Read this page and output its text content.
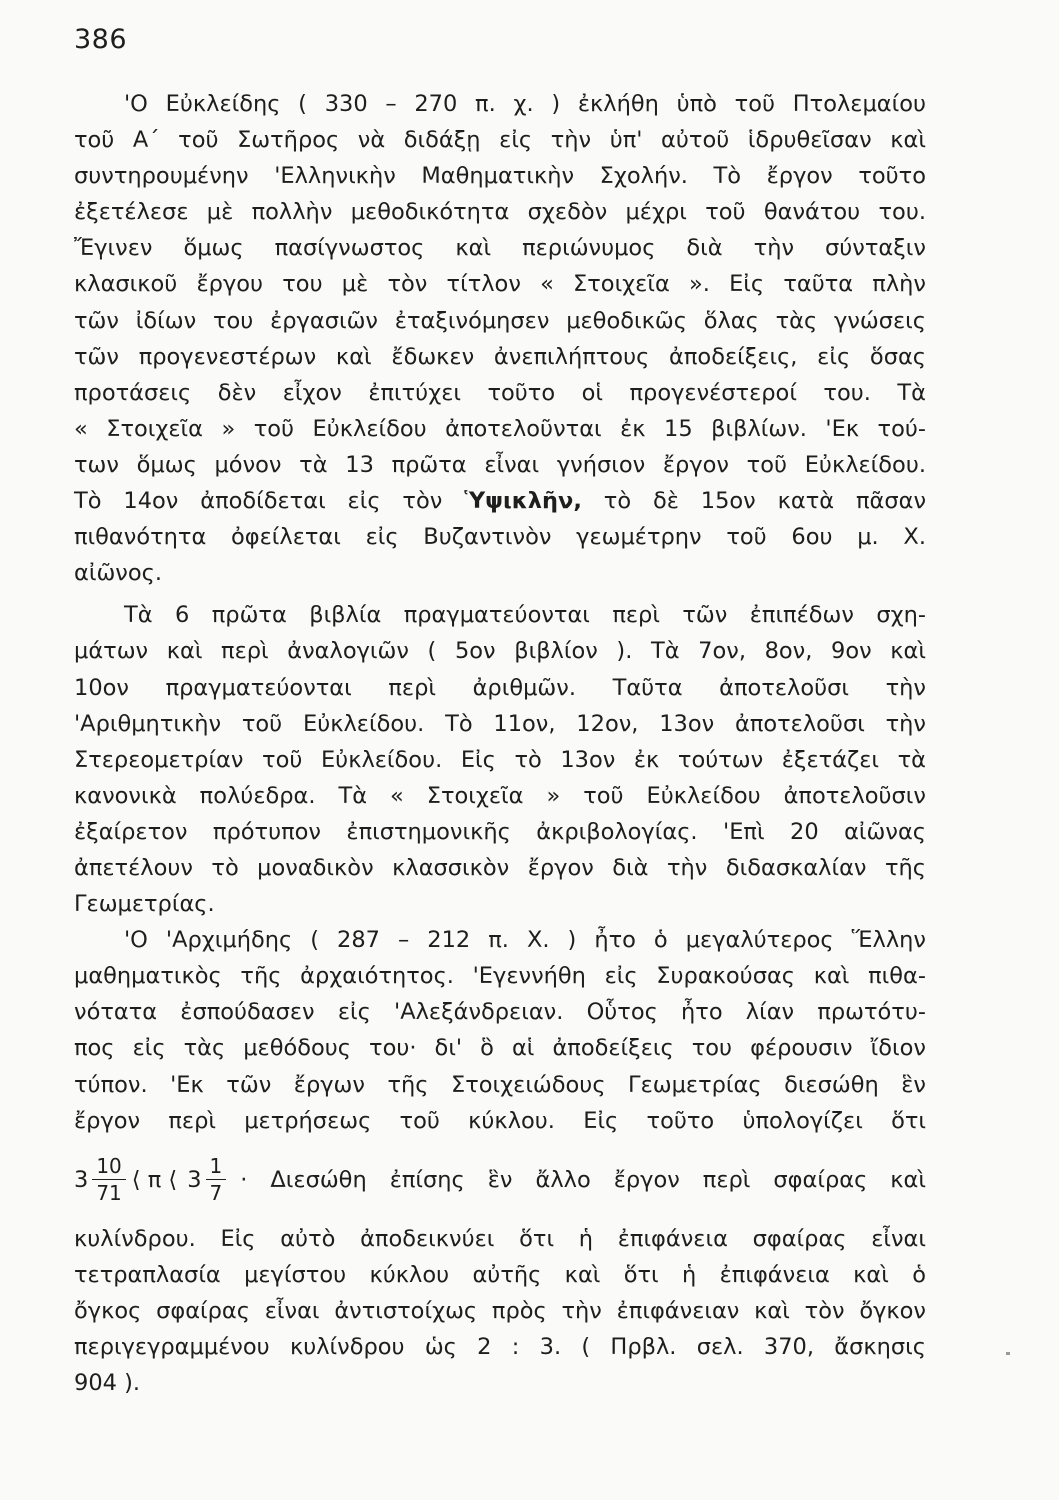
386
'Ο Εὐκλείδης ( 330 – 270 π. χ. ) ἐκλήθη ὑπὸ τοῦ Πτολεμαίου
τοῦ Α΄ τοῦ Σωτῆρος νὰ διδάξῃ εἰς τὴν ὑπ' αὐτοῦ ἱδρυθεῖσαν καὶ
συντηρουμένην 'Ελληνικὴν Μαθηματικὴν Σχολήν. Τὸ ἔργον τοῦτο
ἐξετέλεσε μὲ πολλὴν μεθοδικότητα σχεδὸν μέχρι τοῦ θανάτου του.
Ἔγινεν ὅμως πασίγνωστος καὶ περιώνυμος διὰ τὴν σύνταξιν
κλασικοῦ ἔργου του μὲ τὸν τίτλον « Στοιχεῖα ». Εἰς ταῦτα πλὴν
τῶν ἰδίων του ἐργασιῶν ἐταξινόμησεν μεθοδικῶς ὅλας τὰς γνώσεις
τῶν προγενεστέρων καὶ ἔδωκεν ἀνεπιλήπτους ἀποδείξεις, εἰς ὅσας
προτάσεις δὲν εἶχον ἐπιτύχει τοῦτο οἱ προγενέστεροί του. Τὰ
« Στοιχεῖα » τοῦ Εὐκλείδου ἀποτελοῦνται ἐκ 15 βιβλίων. 'Εκ τού-
των ὅμως μόνον τὰ 13 πρῶτα εἶναι γνήσιον ἔργον τοῦ Εὐκλείδου.
Τὸ 14ον ἀποδίδεται εἰς τὸν Ὑψικλῆν, τὸ δὲ 15ον κατὰ πᾶσαν
πιθανότητα ὀφείλεται εἰς Βυζαντινὸν γεωμέτρην τοῦ 6ου μ. Χ.
αἰῶνος.
Τὰ 6 πρῶτα βιβλία πραγματεύονται περὶ τῶν ἐπιπέδων σχη-
μάτων καὶ περὶ ἀναλογιῶν ( 5ον βιβλίον ). Τὰ 7ον, 8ον, 9ον καὶ
10ον πραγματεύονται περὶ ἀριθμῶν. Ταῦτα ἀποτελοῦσι τὴν
'Αριθμητικὴν τοῦ Εὐκλείδου. Τὸ 11ον, 12ον, 13ον ἀποτελοῦσι τὴν
Στερεομετρίαν τοῦ Εὐκλείδου. Εἰς τὸ 13ον ἐκ τούτων ἐξετάζει τὰ
κανονικὰ πολύεδρα. Τὰ « Στοιχεῖα » τοῦ Εὐκλείδου ἀποτελοῦσιν
ἐξαίρετον πρότυπον ἐπιστημονικῆς ἀκριβολογίας. 'Επὶ 20 αἰῶνας
ἀπετέλουν τὸ μοναδικὸν κλασσικὸν ἔργον διὰ τὴν διδασκαλίαν τῆς
Γεωμετρίας.
'Ο 'Αρχιμήδης ( 287 – 212 π. Χ. ) ἦτο ὁ μεγαλύτερος Ἕλλην
μαθηματικὸς τῆς ἀρχαιότητος. 'Εγεννήθη εἰς Συρακούσας καὶ πιθα-
νότατα ἐσπούδασεν εἰς 'Αλεξάνδρειαν. Οὗτος ἦτο λίαν πρωτότυ-
πος εἰς τὰς μεθόδους του· δι' ὃ αἱ ἀποδείξεις του φέρουσιν ἴδιον
τύπον. 'Εκ τῶν ἔργων τῆς Στοιχειώδους Γεωμετρίας διεσώθη ἓν
ἔργον περὶ μετρήσεως τοῦ κύκλου. Εἰς τοῦτο ὑπολογίζει ὅτι
$3 \frac{10}{71}$ ⟨ π ⟨ $3 \frac{1}{7} \cdot \Delta\iota\varepsilon\sigma ώ\theta\eta$ ἐπίσης ἓν ἄλλο ἔργον περὶ σφαίρας καὶ
κυλίνδρου. Εἰς αὐτὸ ἀποδεικνύει ὅτι ἡ ἐπιφάνεια σφαίρας εἶναι
τετραπλασία μεγίστου κύκλου αὐτῆς καὶ ὅτι ἡ ἐπιφάνεια καὶ ὁ
ὄγκος σφαίρας εἶναι ἀντιστοίχως πρὸς τὴν ἐπιφάνειαν καὶ τὸν ὄγκον
περιγεγραμμένου κυλίνδρου ὡς 2 : 3. ( Πρβλ. σελ. 370, ἄσκησις
904 ).
